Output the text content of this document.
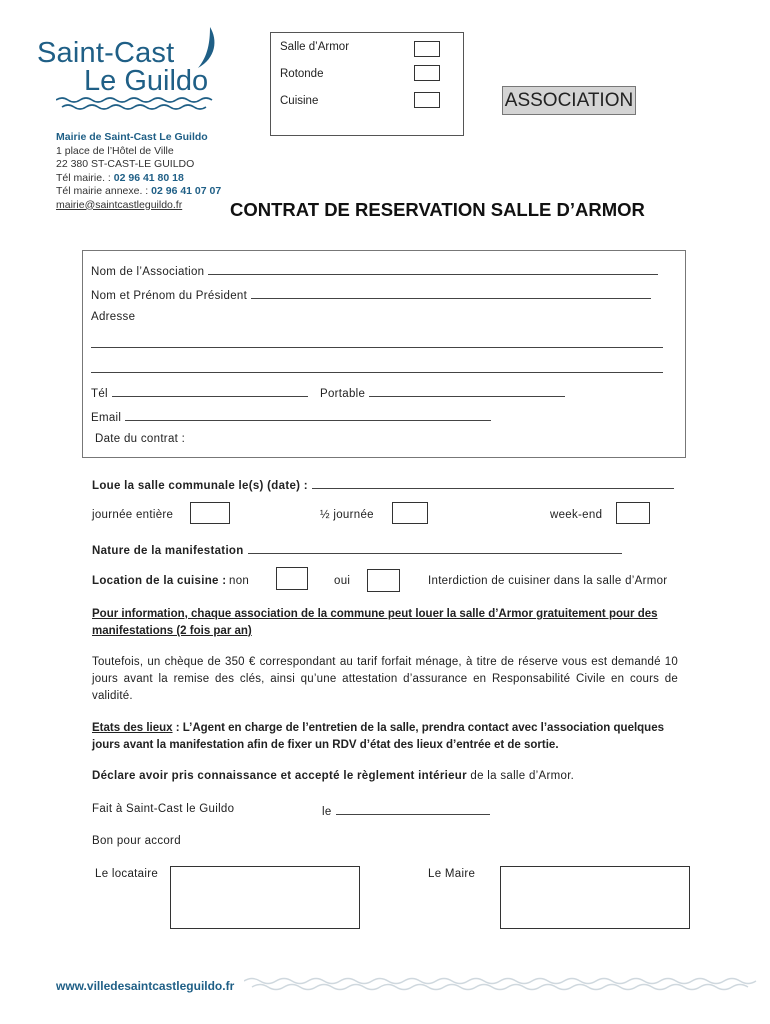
Saint-Cast
Le Guildo
Mairie de Saint-Cast Le Guildo
1 place de l’Hôtel de Ville
22 380 ST-CAST-LE GUILDO
Tél mairie. : 02 96 41 80 18
Tél mairie annexe. : 02 96 41 07 07
mairie@saintcastleguildo.fr
Salle d’Armor
Rotonde
Cuisine	ASSOCIATION
CONTRAT DE RESERVATION SALLE D’ARMOR
Nom de l’Association
Nom et Prénom du Président
Adresse
Tél	Portable
Email
Date du contrat :
Loue la salle communale le(s) (date) :
journée entière	½ journée	week-end
Nature de la manifestation
Location de la cuisine : non	oui	Interdiction de cuisiner dans la salle d’Armor
Pour information, chaque association de la commune peut louer la salle d’Armor gratuitement pour des manifestations (2 fois par an)
Toutefois, un chèque de 350 € correspondant au tarif forfait ménage, à titre de réserve vous est demandé 10 jours avant la remise des clés, ainsi qu’une attestation d’assurance en Responsabilité Civile en cours de validité.
Etats des lieux : L’Agent en charge de l’entretien de la salle, prendra contact avec l’association quelques jours avant la manifestation afin de fixer un RDV d’état des lieux d’entrée et de sortie.
Déclare avoir pris connaissance et accepté le règlement intérieur de la salle d’Armor.
Fait à Saint-Cast le Guildo	le
Bon pour accord
Le locataire	Le Maire
www.villedesaintcastleguildo.fr
